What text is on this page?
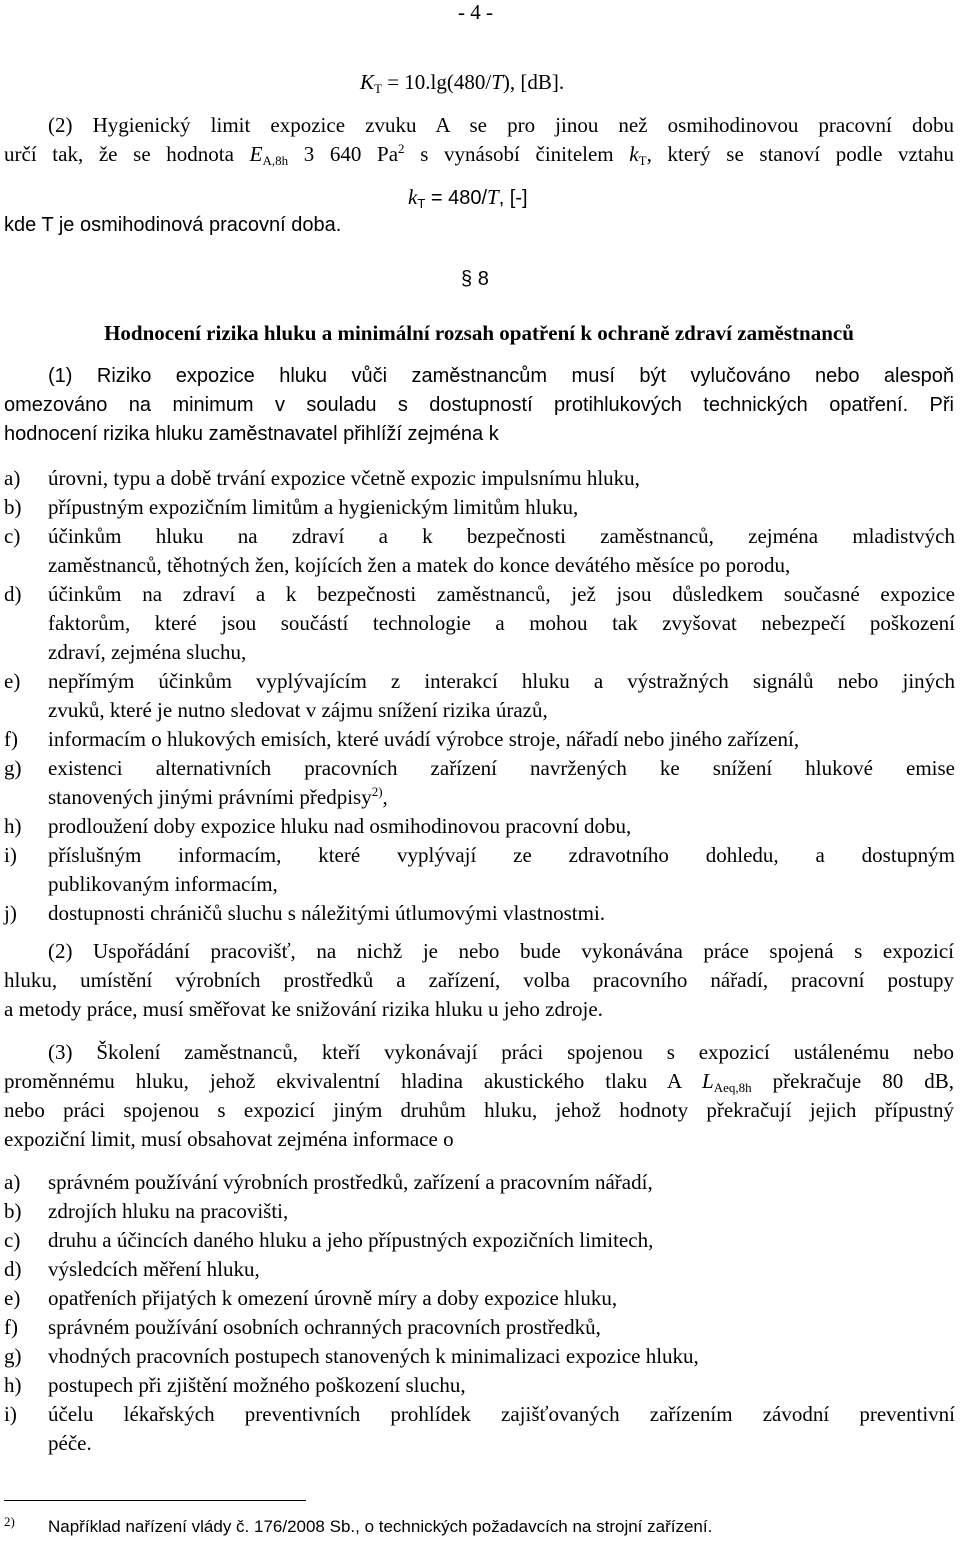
- 4 -
$K_T = 10.\lg(480/T)$, [dB].
(2) Hygienický limit expozice zvuku A se pro jinou než osmihodinovou pracovní dobu
určí tak, že se hodnota $E_{A,8h}$ 3 640 Pa$^2$ s vynásobí činitelem $k_T$, který se stanoví podle vztahu
$k_T = 480/T$, [-]
kde T je osmihodinová pracovní doba.
§ 8
Hodnocení rizika hluku a minimální rozsah opatření k ochraně zdraví zaměstnanců
(1) Riziko expozice hluku vůči zaměstnancům musí být vylučováno nebo alespoň
omezováno na minimum v souladu s dostupností protihlukových technických opatření. Při
hodnocení rizika hluku zaměstnavatel přihlíží zejména k
a) úrovni, typu a době trvání expozice včetně expozic impulsnímu hluku,
b) přípustným expozičním limitům a hygienickým limitům hluku,
c) účinkům hluku na zdraví a k bezpečnosti zaměstnanců, zejména mladistvých
zaměstnanců, těhotných žen, kojících žen a matek do konce devátého měsíce po porodu,
d) účinkům na zdraví a k bezpečnosti zaměstnanců, jež jsou důsledkem současné expozice
faktorům, které jsou součástí technologie a mohou tak zvyšovat nebezpečí poškození
zdraví, zejména sluchu,
e) nepřímým účinkům vyplývajícím z interakcí hluku a výstražných signálů nebo jiných
zvuků, které je nutno sledovat v zájmu snížení rizika úrazů,
f) informacím o hlukových emisích, které uvádí výrobce stroje, nářadí nebo jiného zařízení,
g) existenci alternativních pracovních zařízení navržených ke snížení hlukové emise
stanovených jinými právními předpisy$^{2)}$,
h) prodloužení doby expozice hluku nad osmihodinovou pracovní dobu,
i) příslušným informacím, které vyplývají ze zdravotního dohledu, a dostupným
publikovaným informacím,
j) dostupnosti chráničů sluchu s náležitými útlumovými vlastnostmi.
(2) Uspořádání pracovišť, na nichž je nebo bude vykonávána práce spojená s expozicí
hluku, umístění výrobních prostředků a zařízení, volba pracovního nářadí, pracovní postupy
a metody práce, musí směřovat ke snižování rizika hluku u jeho zdroje.
(3) Školení zaměstnanců, kteří vykonávají práci spojenou s expozicí ustálenému nebo
proměnnému hluku, jehož ekvivalentní hladina akustického tlaku A $L_{Aeq,8h}$ překračuje 80 dB,
nebo práci spojenou s expozicí jiným druhům hluku, jehož hodnoty překračují jejich přípustný
expoziční limit, musí obsahovat zejména informace o
a) správném používání výrobních prostředků, zařízení a pracovním nářadí,
b) zdrojích hluku na pracovišti,
c) druhu a účincích daného hluku a jeho přípustných expozičních limitech,
d) výsledcích měření hluku,
e) opatřeních přijatých k omezení úrovně míry a doby expozice hluku,
f) správném používání osobních ochranných pracovních prostředků,
g) vhodných pracovních postupech stanovených k minimalizaci expozice hluku,
h) postupech při zjištění možného poškození sluchu,
i) účelu lékařských preventivních prohlídek zajišťovaných zařízením závodní preventivní
péče.
2) Například nařízení vlády č. 176/2008 Sb., o technických požadavcích na strojní zařízení.
